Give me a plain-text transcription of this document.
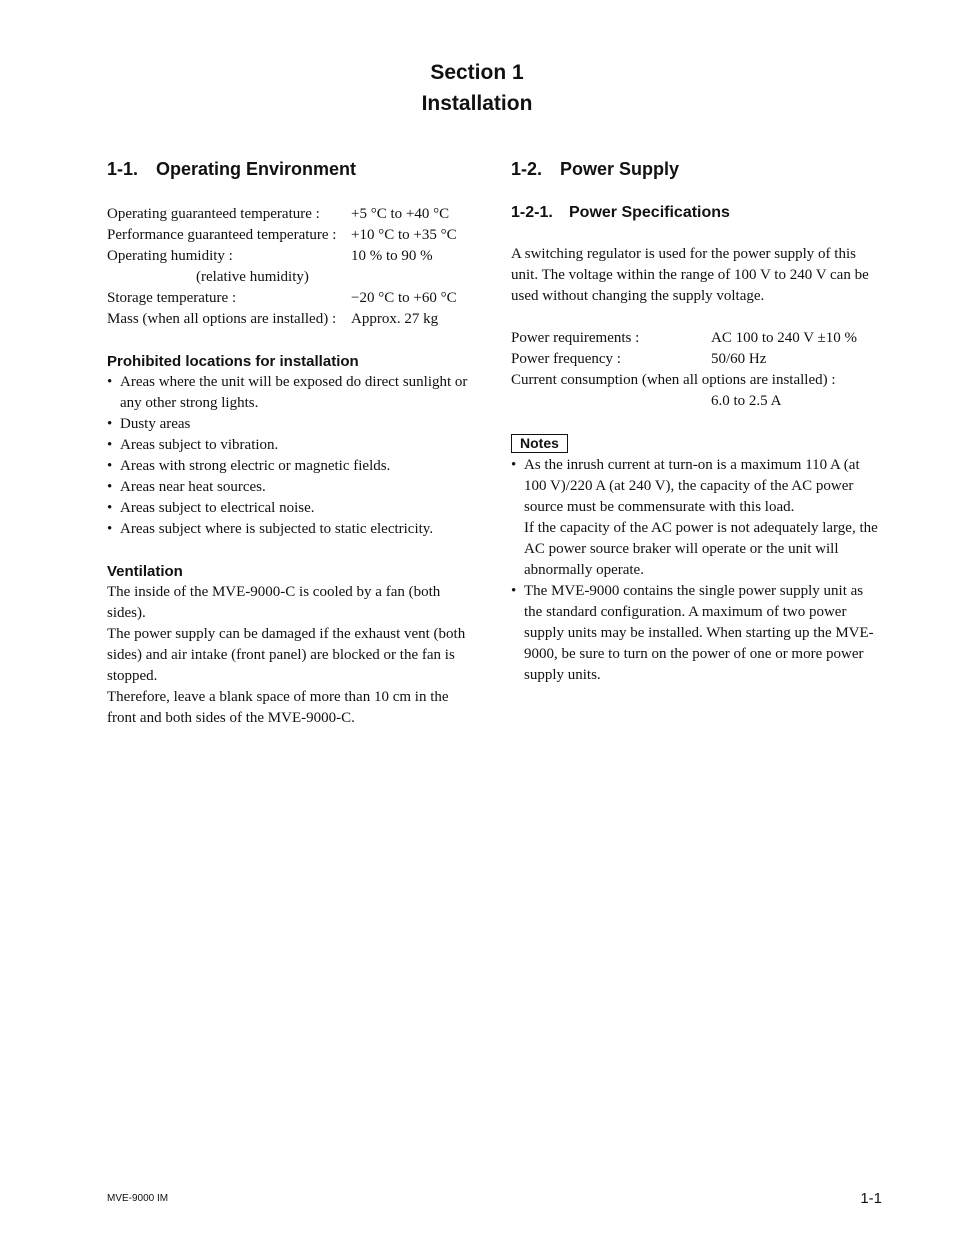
Section 1
Installation
1-1. Operating Environment
Operating guaranteed temperature :	+5 °C to +40 °C
Performance guaranteed temperature : +10 °C to +35 °C
Operating humidity :	10 % to 90 %
(relative humidity)
Storage temperature :	−20 °C to +60 °C
Mass (when all options are installed) : Approx. 27 kg
Prohibited locations for installation
• Areas where the unit will be exposed do direct sunlight or any other strong lights.
• Dusty areas
• Areas subject to vibration.
• Areas with strong electric or magnetic fields.
• Areas near heat sources.
• Areas subject to electrical noise.
• Areas subject where is subjected to static electricity.
Ventilation

The inside of the MVE-9000-C is cooled by a fan (both sides).

The power supply can be damaged if the exhaust vent (both sides) and air intake (front panel) are blocked or the fan is stopped.

Therefore, leave a blank space of more than 10 cm in the front and both sides of the MVE-9000-C.

1-2. Power Supply
1-2-1. Power Specifications

A switching regulator is used for the power supply of this unit. The voltage within the range of 100 V to 240 V can be used without changing the supply voltage.

Power requirements :	AC 100 to 240 V ±10 %
Power frequency :	50/60 Hz
Current consumption (when all options are installed) :
6.0 to 2.5 A
Notes
• As the inrush current at turn-on is a maximum 110 A (at 100 V)/220 A (at 240 V), the capacity of the AC power source must be commensurate with this load.
If the capacity of the AC power is not adequately large, the AC power source braker will operate or the unit will abnormally operate.
• The MVE-9000 contains the single power supply unit as the standard configuration. A maximum of two power supply units may be installed. When starting up the MVE-9000, be sure to turn on the power of one or more power supply units.
MVE-9000 IM	1-1
